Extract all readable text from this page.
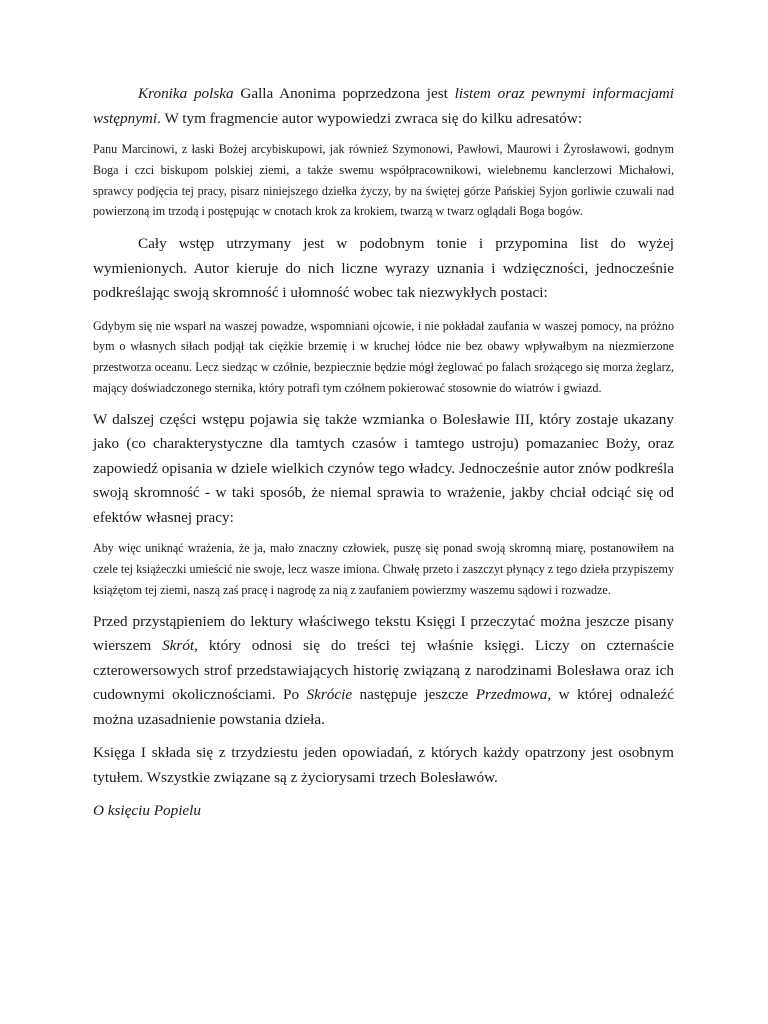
Kronika polska Galla Anonima poprzedzona jest listem oraz pewnymi informacjami wstępnymi. W tym fragmencie autor wypowiedzi zwraca się do kilku adresatów:

Panu Marcinowi, z łaski Bożej arcybiskupowi, jak również Szymonowi, Pawłowi, Maurowi i Żyrosławowi, godnym Boga i czci biskupom polskiej ziemi, a także swemu współpracownikowi, wielebnemu kanclerzowi Michałowi, sprawcy podjęcia tej pracy, pisarz niniejszego dziełka życzy, by na świętej górze Pańskiej Syjon gorliwie czuwali nad powierzoną im trzodą i postępując w cnotach krok za krokiem, twarzą w twarz oglądali Boga bogów.

Cały wstęp utrzymany jest w podobnym tonie i przypomina list do wyżej wymienionych. Autor kieruje do nich liczne wyrazy uznania i wdzięczności, jednocześnie podkreślając swoją skromność i ułomność wobec tak niezwykłych postaci:

Gdybym się nie wsparł na waszej powadze, wspomniani ojcowie, i nie pokładał zaufania w waszej pomocy, na próżno bym o własnych siłach podjął tak ciężkie brzemię i w kruchej łódce nie bez obawy wpływałbym na niezmierzone przestworza oceanu. Lecz siedząc w czółnie, bezpiecznie będzie mógł żeglować po falach srożącego się morza żeglarz, mający doświadczonego sternika, który potrafi tym czółnem pokierować stosownie do wiatrów i gwiazd.

W dalszej części wstępu pojawia się także wzmianka o Bolesławie III, który zostaje ukazany jako (co charakterystyczne dla tamtych czasów i tamtego ustroju) pomazaniec Boży, oraz zapowiedź opisania w dziele wielkich czynów tego władcy. Jednocześnie autor znów podkreśla swoją skromność - w taki sposób, że niemal sprawia to wrażenie, jakby chciał odciąć się od efektów własnej pracy:

Aby więc uniknąć wrażenia, że ja, mało znaczny człowiek, puszę się ponad swoją skromną miarę, postanowiłem na czele tej książeczki umieścić nie swoje, lecz wasze imiona. Chwałę przeto i zaszczyt płynący z tego dzieła przypiszemy książętom tej ziemi, naszą zaś pracę i nagrodę za nią z zaufaniem powierzmy waszemu sądowi i rozwadze.

Przed przystąpieniem do lektury właściwego tekstu Księgi I przeczytać można jeszcze pisany wierszem Skrót, który odnosi się do treści tej właśnie księgi. Liczy on czternaście czterowersowych strof przedstawiających historię związaną z narodzinami Bolesława oraz ich cudownymi okolicznościami. Po Skrócie następuje jeszcze Przedmowa, w której odnaleźć można uzasadnienie powstania dzieła.

Księga I składa się z trzydziestu jeden opowiadań, z których każdy opatrzony jest osobnym tytułem. Wszystkie związane są z życiorysami trzech Bolesławów.

O księciu Popielu
